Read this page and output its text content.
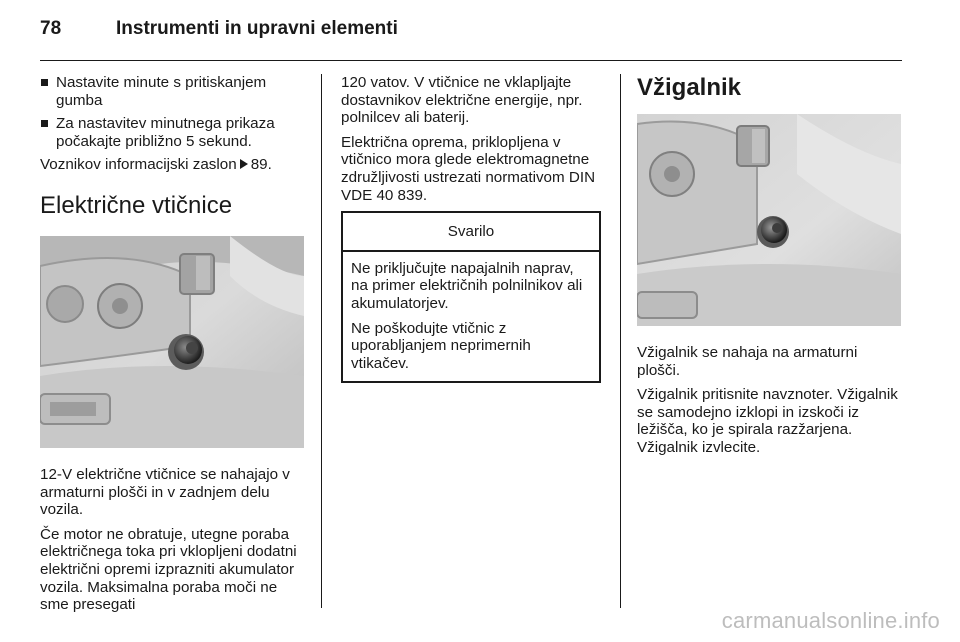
78	Instrumenti in upravni elementi
Nastavite minute s pritiskanjem gumba
Za nastavitev minutnega prikaza počakajte približno 5 sekund.

Voznikov informacijski zaslon 89.

Električne vtičnice

12-V električne vtičnice se nahajajo v armaturni plošči in v zadnjem delu vozila.

Če motor ne obratuje, utegne poraba električnega toka pri vklopljeni dodatni električni opremi izprazniti akumulator vozila. Maksimalna poraba moči ne sme presegati

120 vatov. V vtičnice ne vklapljajte dostavnikov električne energije, npr. polnilcev ali baterij.

Električna oprema, priklopljena v vtičnico mora glede elektromagnetne združljivosti ustrezati normativom DIN VDE 40 839.

Svarilo

Ne priključujte napajalnih naprav, na primer električnih polnilnikov ali akumulatorjev.

Ne poškodujte vtičnic z uporabljanjem neprimernih vtikačev.

Vžigalnik

Vžigalnik se nahaja na armaturni plošči.

Vžigalnik pritisnite navznoter. Vžigalnik se samodejno izklopi in izskoči iz ležišča, ko je spirala razžarjena. Vžigalnik izvlecite.

carmanualsonline.info
